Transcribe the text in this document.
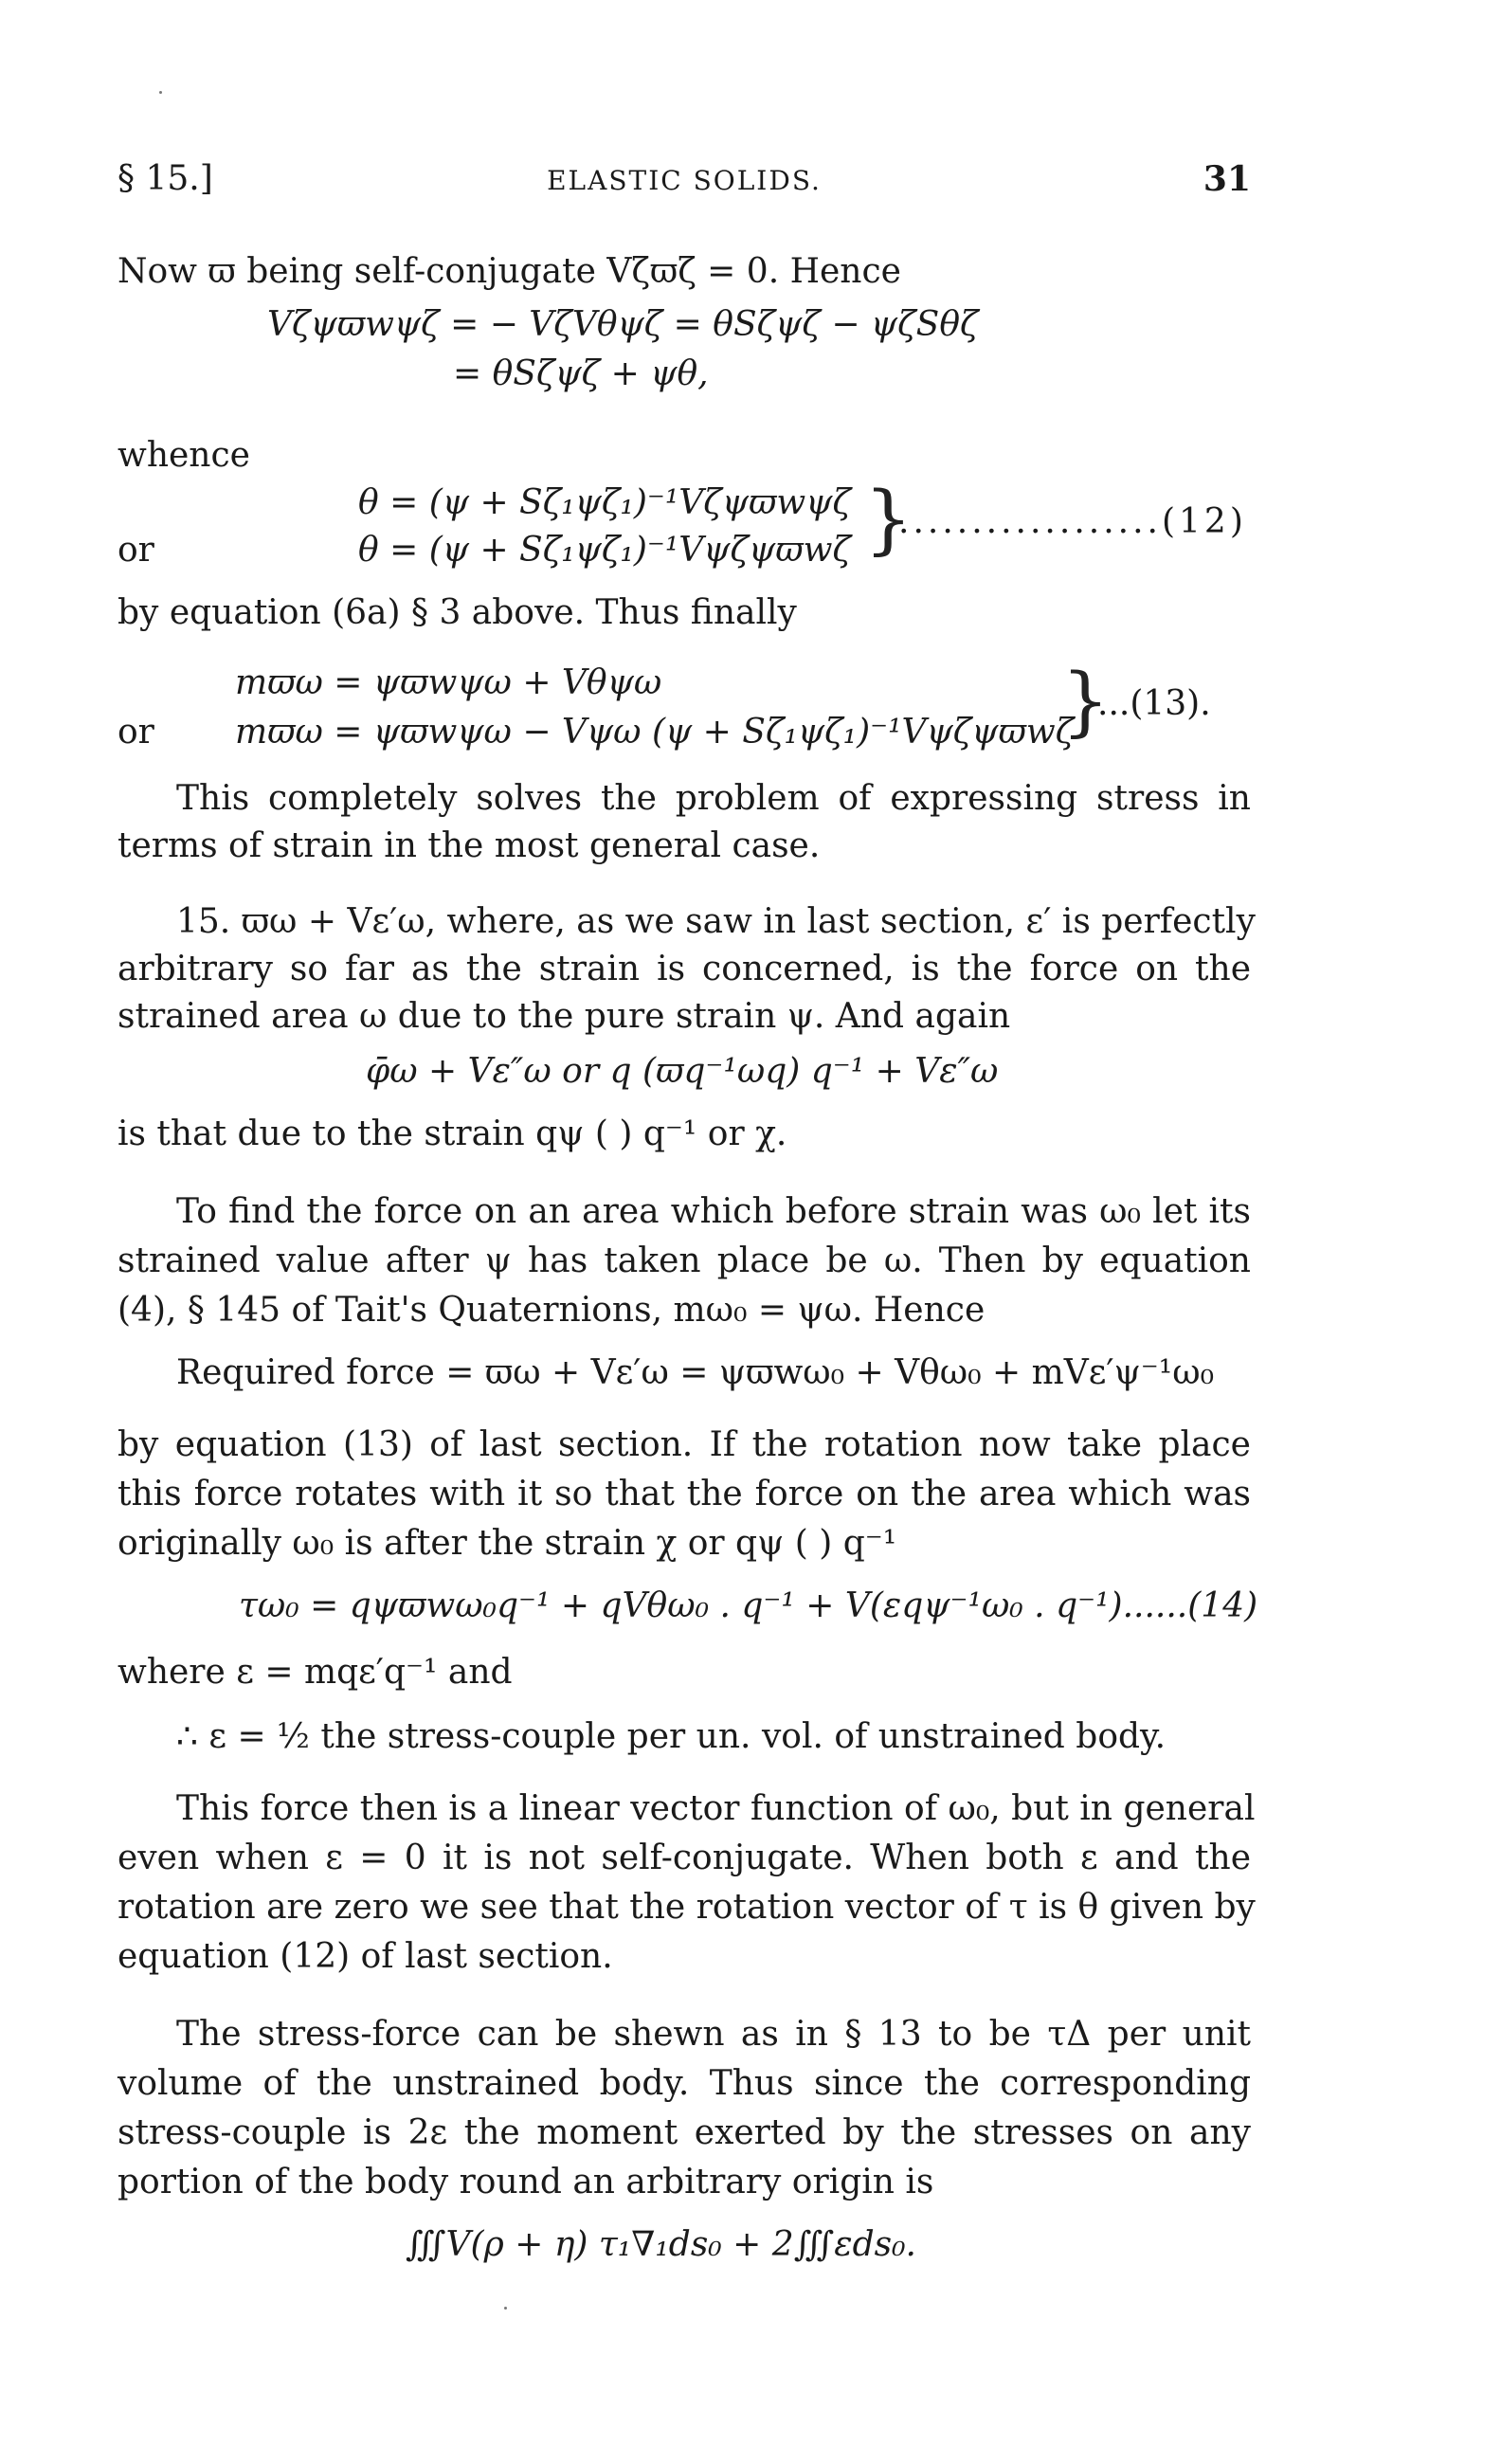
§ 15.]	ELASTIC SOLIDS.	31
Now ϖ being self-conjugate Vζϖζ = 0. Hence
Vζψϖwψζ = − VζVθψζ = θSζψζ − ψζSθζ
= θSζψζ + ψθ,
whence
θ = (ψ + Sζ₁ψζ₁)⁻¹Vζψϖwψζ
or	θ = (ψ + Sζ₁ψζ₁)⁻¹Vψζψϖwζ }
..................(12)
by equation (6a) § 3 above. Thus finally
mϖω = ψϖwψω + Vθψω
or	mϖω = ψϖwψω − Vψω (ψ + Sζ₁ψζ₁)⁻¹Vψζψϖwζ
}
...(13).
This completely solves the problem of expressing stress in
terms of strain in the most general case.
15. ϖω + Vε′ω, where, as we saw in last section, ε′ is perfectly
arbitrary so far as the strain is concerned, is the force on the
strained area ω due to the pure strain ψ. And again
φ̄ω + Vε″ω or q (ϖq⁻¹ωq) q⁻¹ + Vε″ω
is that due to the strain qψ ( ) q⁻¹ or χ.
To find the force on an area which before strain was ω₀ let its
strained value after ψ has taken place be ω. Then by equation
(4), § 145 of Tait's Quaternions, mω₀ = ψω. Hence
Required force = ϖω + Vε′ω = ψϖwω₀ + Vθω₀ + mVε′ψ⁻¹ω₀
by equation (13) of last section. If the rotation now take place
this force rotates with it so that the force on the area which was
originally ω₀ is after the strain χ or qψ ( ) q⁻¹
τω₀ = qψϖwω₀q⁻¹ + qVθω₀ . q⁻¹ + V(εqψ⁻¹ω₀ . q⁻¹)......(14)
where ε = mqε′q⁻¹ and
∴ ε = ½ the stress-couple per un. vol. of unstrained body.
This force then is a linear vector function of ω₀, but in general
even when ε = 0 it is not self-conjugate. When both ε and the
rotation are zero we see that the rotation vector of τ is θ given by
equation (12) of last section.
The stress-force can be shewn as in § 13 to be τΔ per unit
volume of the unstrained body. Thus since the corresponding
stress-couple is 2ε the moment exerted by the stresses on any
portion of the body round an arbitrary origin is
∭V(ρ + η) τ₁∇₁ds₀ + 2∭εds₀.
